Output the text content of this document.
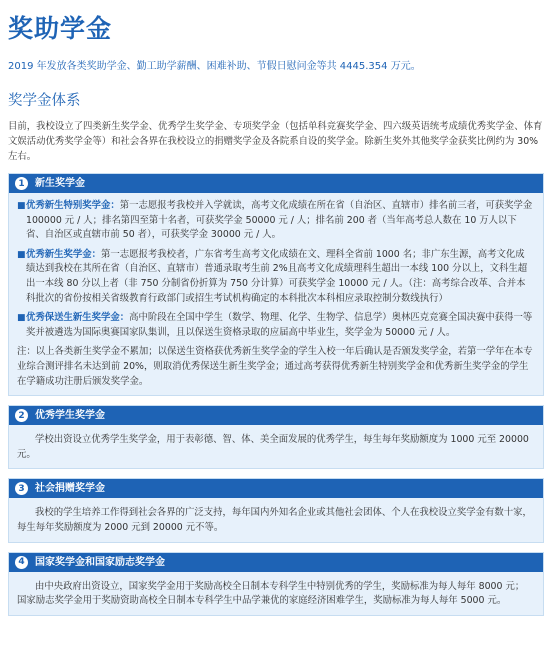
奖助学金
2019 年发放各类奖助学金、勤工助学薪酬、困难补助、节假日慰问金等共 4445.354 万元。
奖学金体系
目前，我校设立了四类新生奖学金、优秀学生奖学金、专项奖学金（包括单科竞赛奖学金、四六级英语统考成绩优秀奖学金、体育文娱活动优秀奖学金等）和社会各界在我校设立的捐赠奖学金及各院系自设的奖学金。除新生奖外其他奖学金获奖比例约为 30% 左右。
1	新生奖学金
■ 优秀新生特别奖学金：第一志愿报考我校并入学就读，高考文化成绩在所在省（自治区、直辖市）排名前三者，可获奖学金 100000 元 / 人；排名第四至第十名者，可获奖学金 50000 元 / 人；排名前 200 者（当年高考总人数在 10 万人以下省、自治区或直辖市前 50 者），可获奖学金 30000 元 / 人。
■ 优秀新生奖学金：第一志愿报考我校者，广东省考生高考文化成绩在文、理科全省前 1000 名；非广东生源，高考文化成绩达到我校在其所在省（自治区、直辖市）普通录取考生前 2%且高考文化成绩理科生超出一本线 100 分以上，文科生超出一本线 80 分以上者（非 750 分制省份折算为 750 分计算）可获奖学金 10000 元 / 人。（注：高考综合改革、合并本科批次的省份按相关省级教育行政部门或招生考试机构确定的本科批次本科相应录取控制分数线执行）
■ 优秀保送生新生奖学金：高中阶段在全国中学生（数学、物理、化学、生物学、信息学）奥林匹克竞赛全国决赛中获得一等奖并被遴选为国际奥赛国家队集训，且以保送生资格录取的应届高中毕业生，奖学金为 50000 元 / 人。
注：以上各类新生奖学金不累加；以保送生资格获优秀新生奖学金的学生入校一年后确认是否颁发奖学金，若第一学年在本专业综合测评排名未达到前 20%，则取消优秀保送生新生奖学金；通过高考获得优秀新生特别奖学金和优秀新生奖学金的学生在学籍成功注册后颁发奖学金。
2	优秀学生奖学金
学校出资设立优秀学生奖学金，用于表彰德、智、体、美全面发展的优秀学生，每生每年奖励额度为 1000 元至 20000 元。
3	社会捐赠奖学金
我校的学生培养工作得到社会各界的广泛支持，每年国内外知名企业或其他社会团体、个人在我校设立奖学金有数十家，每生每年奖励额度为 2000 元到 20000 元不等。
4	国家奖学金和国家励志奖学金
由中央政府出资设立，国家奖学金用于奖励高校全日制本专科学生中特别优秀的学生，奖励标准为每人每年 8000 元；国家励志奖学金用于奖励资助高校全日制本专科学生中品学兼优的家庭经济困难学生，奖励标准为每人每年 5000 元。
